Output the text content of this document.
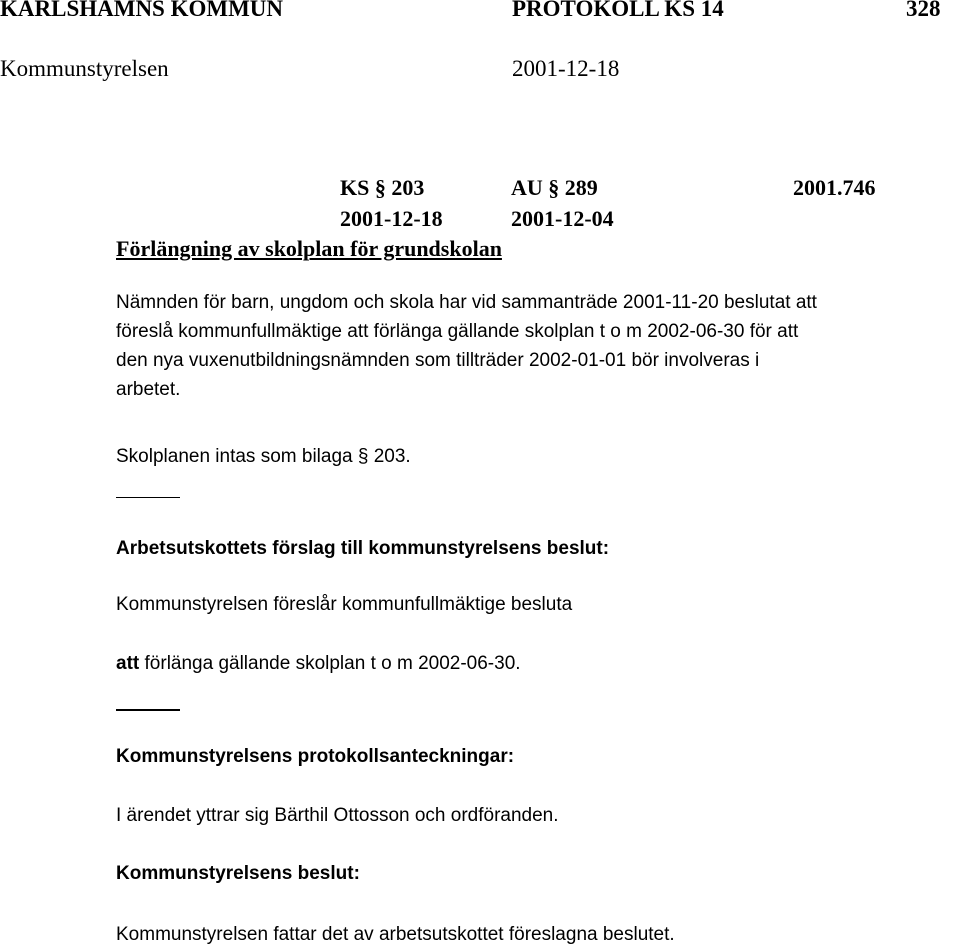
KARLSHAMNS KOMMUN	PROTOKOLL KS 14	328
Kommunstyrelsen	2001-12-18
KS § 203	AU § 289	2001.746
2001-12-18	2001-12-04
Förlängning av skolplan för grundskolan
Nämnden för barn, ungdom och skola har vid sammanträde 2001-11-20 beslutat att
föreslå kommunfullmäktige att förlänga gällande skolplan t o m 2002-06-30 för att
den nya vuxenutbildningsnämnden som tillträder 2002-01-01 bör involveras i
arbetet.
Skolplanen intas som bilaga § 203.
Arbetsutskottets förslag till kommunstyrelsens beslut:
Kommunstyrelsen föreslår kommunfullmäktige besluta
att förlänga gällande skolplan t o m 2002-06-30.
Kommunstyrelsens protokollsanteckningar:
I ärendet yttrar sig Bärthil Ottosson och ordföranden.
Kommunstyrelsens beslut:
Kommunstyrelsen fattar det av arbetsutskottet föreslagna beslutet.
